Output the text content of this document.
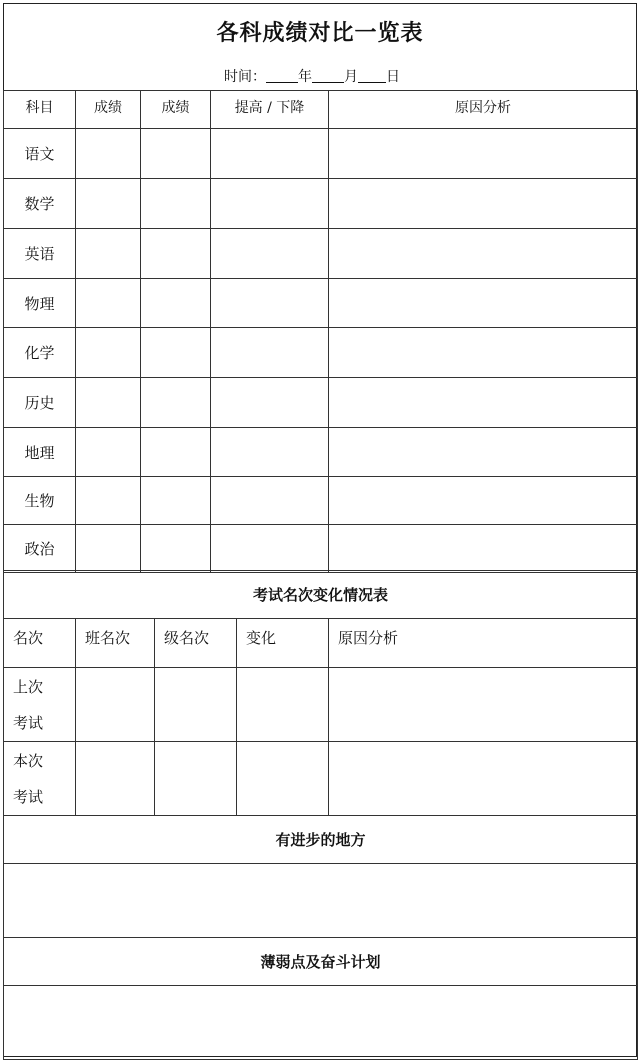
各科成绩对比一览表
时间： 年 月 日
科目	成绩	成绩	提高 / 下降	原因分析
语文				
数学				
英语				
物理				
化学				
历史				
地理				
生物				
政治				
考试名次变化情况表				
名次	班名次	级名次	变化	原因分析

上次
考试				

本次
考试				

有进步的地方				

薄弱点及奋斗计划				
